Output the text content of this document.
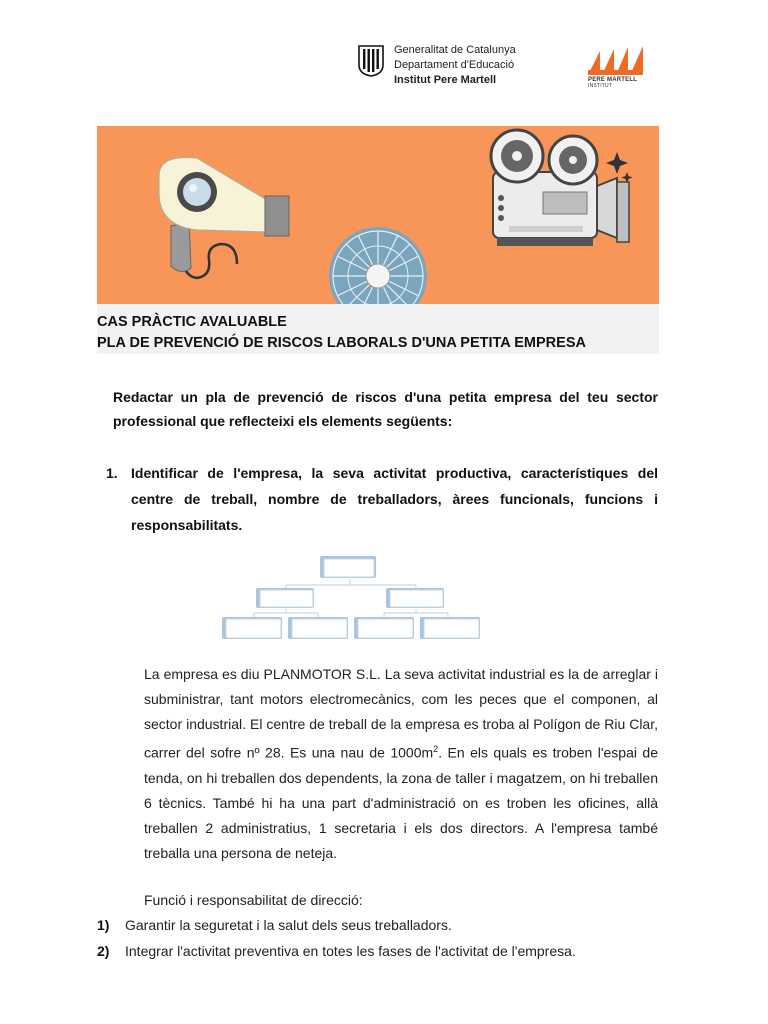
Generalitat de Catalunya
Departament d'Educació
Institut Pere Martell	PERE MARTELL
INSTITUT
CAS PRÀCTIC AVALUABLE
PLA DE PREVENCIÓ DE RISCOS LABORALS D'UNA PETITA EMPRESA
Redactar un pla de prevenció de riscos d'una petita empresa del teu sector professional que reflecteixi els elements següents:
1. Identificar de l'empresa, la seva activitat productiva, característiques del centre de treball, nombre de treballadors, àrees funcionals, funcions i responsabilitats.
La empresa es diu PLANMOTOR S.L. La seva activitat industrial es la de arreglar i subministrar, tant motors electromecànics, com les peces que el componen, al sector industrial. El centre de treball de la empresa es troba al Polígon de Riu Clar, carrer del sofre nº 28. Es una nau de $1000m^2$. En els quals es troben l'espai de tenda, on hi treballen dos dependents, la zona de taller i magatzem, on hi treballen 6 tècnics. També hi ha una part d'administració on es troben les oficines, allà treballen 2 administratius, 1 secretaria i els dos directors. A l'empresa també treballa una persona de neteja.
Funció i responsabilitat de direcció:
1) Garantir la seguretat i la salut dels seus treballadors.
2) Integrar l'activitat preventiva en totes les fases de l'activitat de l'empresa.
